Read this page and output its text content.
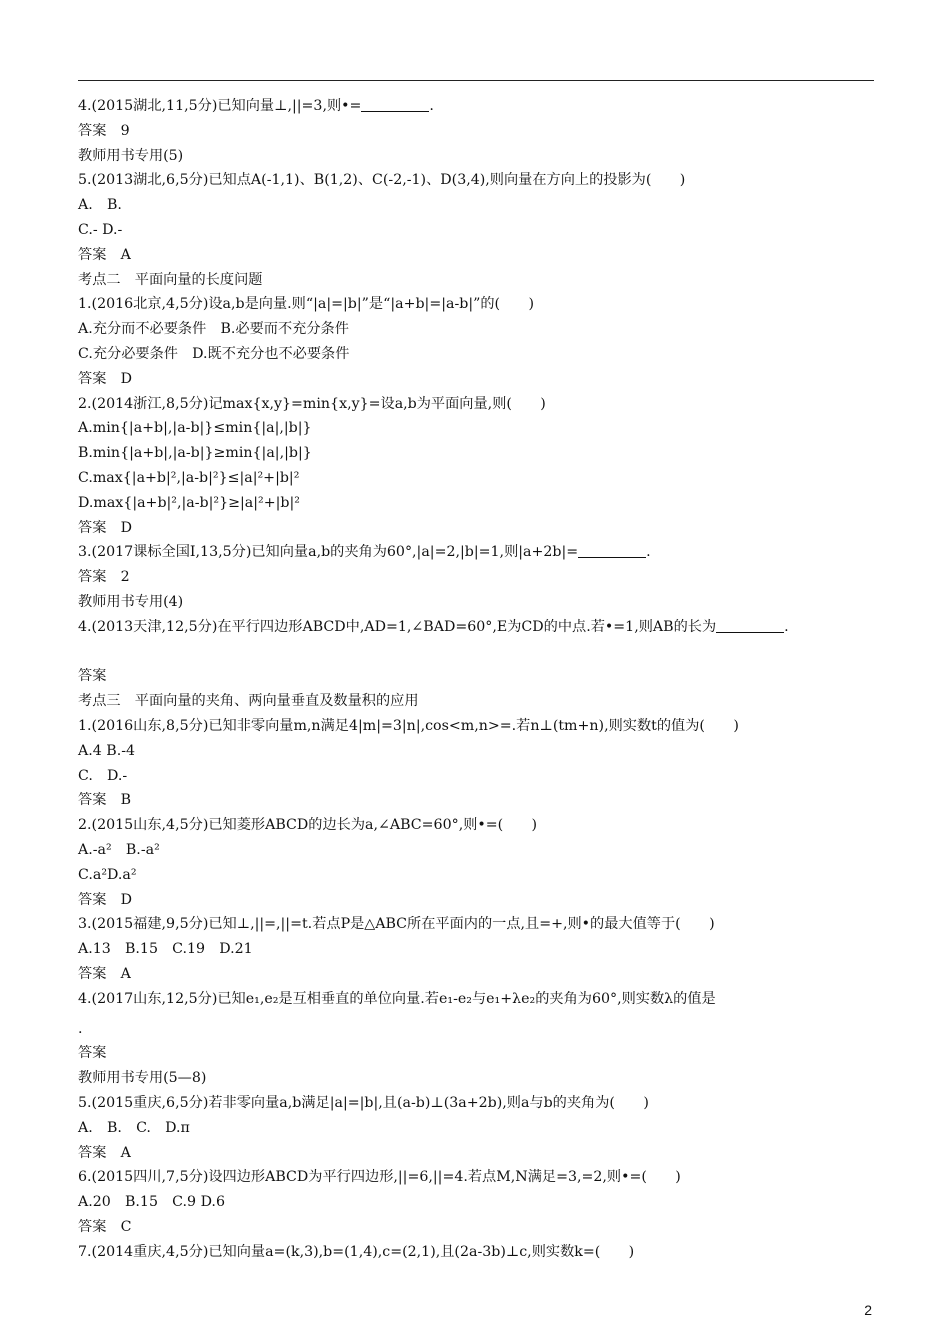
4.(2015湖北,11,5分)已知向量⊥,||=3,则•=	.
答案　9
教师用书专用(5)
5.(2013湖北,6,5分)已知点A(-1,1)、B(1,2)、C(-2,-1)、D(3,4),则向量在方向上的投影为(　　)
A.　B.
C.- D.-
答案　A
考点二　平面向量的长度问题
1.(2016北京,4,5分)设a,b是向量.则“|a|=|b|”是“|a+b|=|a-b|”的(　　)
A.充分而不必要条件　B.必要而不充分条件
C.充分必要条件　D.既不充分也不必要条件
答案　D
2.(2014浙江,8,5分)记max{x,y}=min{x,y}=设a,b为平面向量,则(　　)
A.min{|a+b|,|a-b|}≤min{|a|,|b|}
B.min{|a+b|,|a-b|}≥min{|a|,|b|}
C.max{|a+b|²,|a-b|²}≤|a|²+|b|²
D.max{|a+b|²,|a-b|²}≥|a|²+|b|²
答案　D
3.(2017课标全国Ⅰ,13,5分)已知向量a,b的夹角为60°,|a|=2,|b|=1,则|a+2b|=	.
答案　2
教师用书专用(4)
4.(2013天津,12,5分)在平行四边形ABCD中,AD=1,∠BAD=60°,E为CD的中点.若•=1,则AB的长为	.
答案
考点三　平面向量的夹角、两向量垂直及数量积的应用
1.(2016山东,8,5分)已知非零向量m,n满足4|m|=3|n|,cos<m,n>=.若n⊥(tm+n),则实数t的值为(　　)
A.4 B.-4
C.　D.-
答案　B
2.(2015山东,4,5分)已知菱形ABCD的边长为a,∠ABC=60°,则•=(　　)
A.-a²　B.-a²
C.a²D.a²
答案　D
3.(2015福建,9,5分)已知⊥,||=,||=t.若点P是△ABC所在平面内的一点,且=+,则•的最大值等于(　　)
A.13　B.15　C.19　D.21
答案　A
4.(2017山东,12,5分)已知e₁,e₂是互相垂直的单位向量.若e₁-e₂与e₁+λe₂的夹角为60°,则实数λ的值是
.
答案
教师用书专用(5—8)
5.(2015重庆,6,5分)若非零向量a,b满足|a|=|b|,且(a-b)⊥(3a+2b),则a与b的夹角为(　　)
A.　B.　C.　D.π
答案　A
6.(2015四川,7,5分)设四边形ABCD为平行四边形,||=6,||=4.若点M,N满足=3,=2,则•=(　　)
A.20　B.15　C.9 D.6
答案　C
7.(2014重庆,4,5分)已知向量a=(k,3),b=(1,4),c=(2,1),且(2a-3b)⊥c,则实数k=(　　)
2
